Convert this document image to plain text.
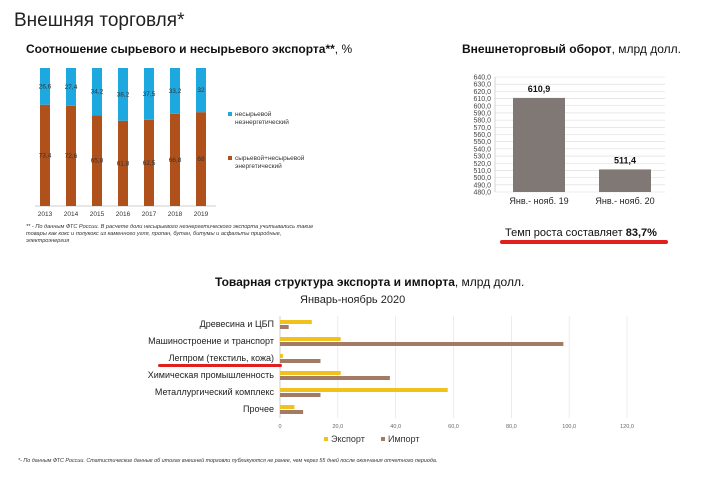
Внешняя торговля*
Соотношение сырьевого и несырьевого экспорта**, %
73,4
26,6
2013
72,6
27,4
2014
65,8
34,2
2015
61,8
38,2
2016
62,5
37,5
2017
66,8
33,2
2018
68
32
2019
несырьевой неэнергетический
сырьевой+несырьевой энергетический
** - По данным ФТС России. В расчете доли несырьевого неэнергетического экспорта учитывались такие товары как кокс и полукокс из каменного угля, пропан, бутан, битумы и асфальты природные, электроэнергия
Внешнеторговый оборот, млрд долл.
480,0
490,0
500,0
510,0
520,0
530,0
540,0
550,0
560,0
570,0
580,0
590,0
600,0
610,0
620,0
630,0
640,0
610,9
Янв.- нояб. 19
511,4
Янв.- нояб. 20
Темп роста составляет 83,7%
Товарная структура экспорта и импорта, млрд долл.
Январь-ноябрь 2020
0	20,0	40,0	60,0	80,0	100,0	120,0
Древесина и ЦБП
Машиностроение и транспорт
Легпром (текстиль, кожа)
Химическая промышленность
Металлургический комплекс
Прочее
Экспорт	Импорт
*- По данным ФТС России. Статистические данные об итогах внешней торговли публикуются не ранее, чем через 55 дней после окончания отчетного периода.
